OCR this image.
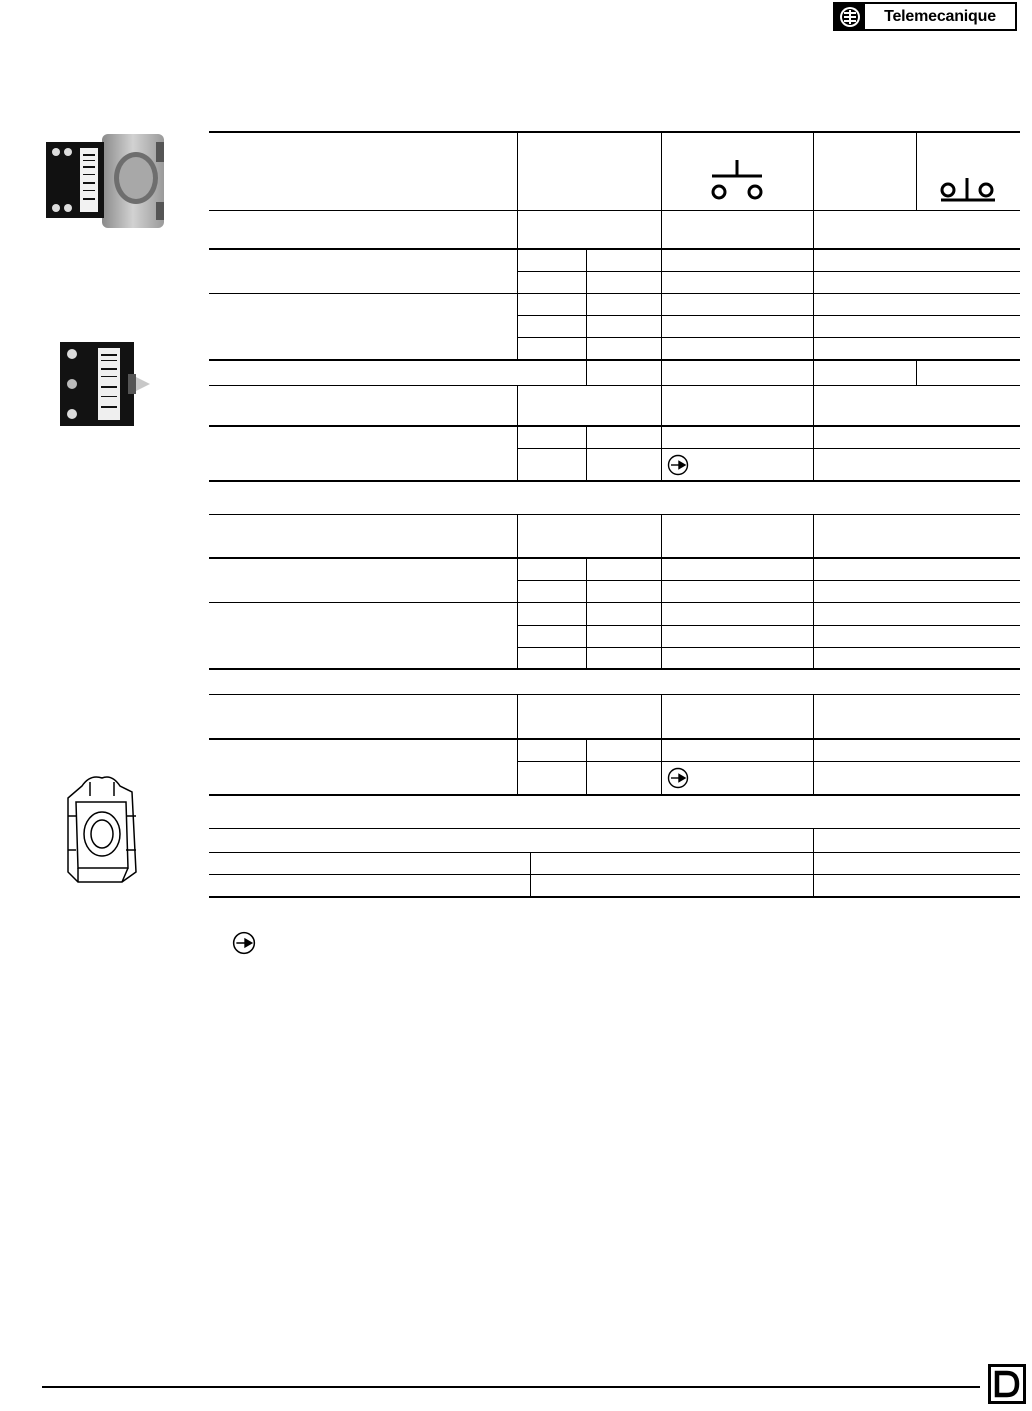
Telemecanique
